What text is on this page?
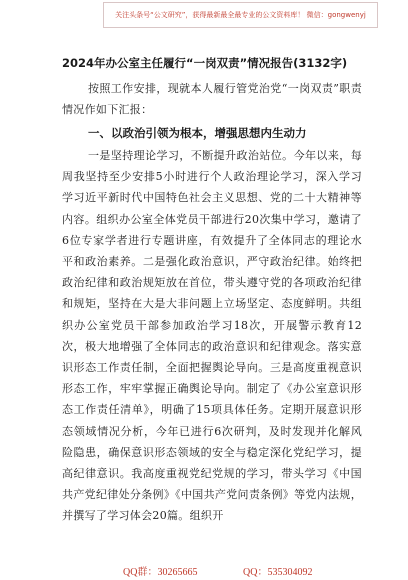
关注头条号“公文研究”，获得最新最全最专业的公文资料库！ 微信：gongwenyj
2024年办公室主任履行“一岗双责”情况报告(3132字)

按照工作安排，现就本人履行管党治党“一岗双责”职责情况作如下汇报：

一、以政治引领为根本，增强思想内生动力

一是坚持理论学习，不断提升政治站位。今年以来，每周我坚持至少安排5小时进行个人政治理论学习，深入学习学习近平新时代中国特色社会主义思想、党的二十大精神等内容。组织办公室全体党员干部进行20次集中学习，邀请了6位专家学者进行专题讲座，有效提升了全体同志的理论水平和政治素养。二是强化政治意识，严守政治纪律。始终把政治纪律和政治规矩放在首位，带头遵守党的各项政治纪律和规矩，坚持在大是大非问题上立场坚定、态度鲜明。共组织办公室党员干部参加政治学习18次，开展警示教育12次，极大地增强了全体同志的政治意识和纪律观念。落实意识形态工作责任制，全面把握舆论导向。三是高度重视意识形态工作，牢牢掌握正确舆论导向。制定了《办公室意识形态工作责任清单》，明确了15项具体任务。定期开展意识形态领域情况分析，今年已进行6次研判，及时发现并化解风险隐患，确保意识形态领域的安全与稳定深化党纪学习，提高纪律意识。我高度重视党纪党规的学习，带头学习《中国共产党纪律处分条例》《中国共产党问责条例》等党内法规，并撰写了学习体会20篇。组织开

QQ群：30265665	QQ：535304092
